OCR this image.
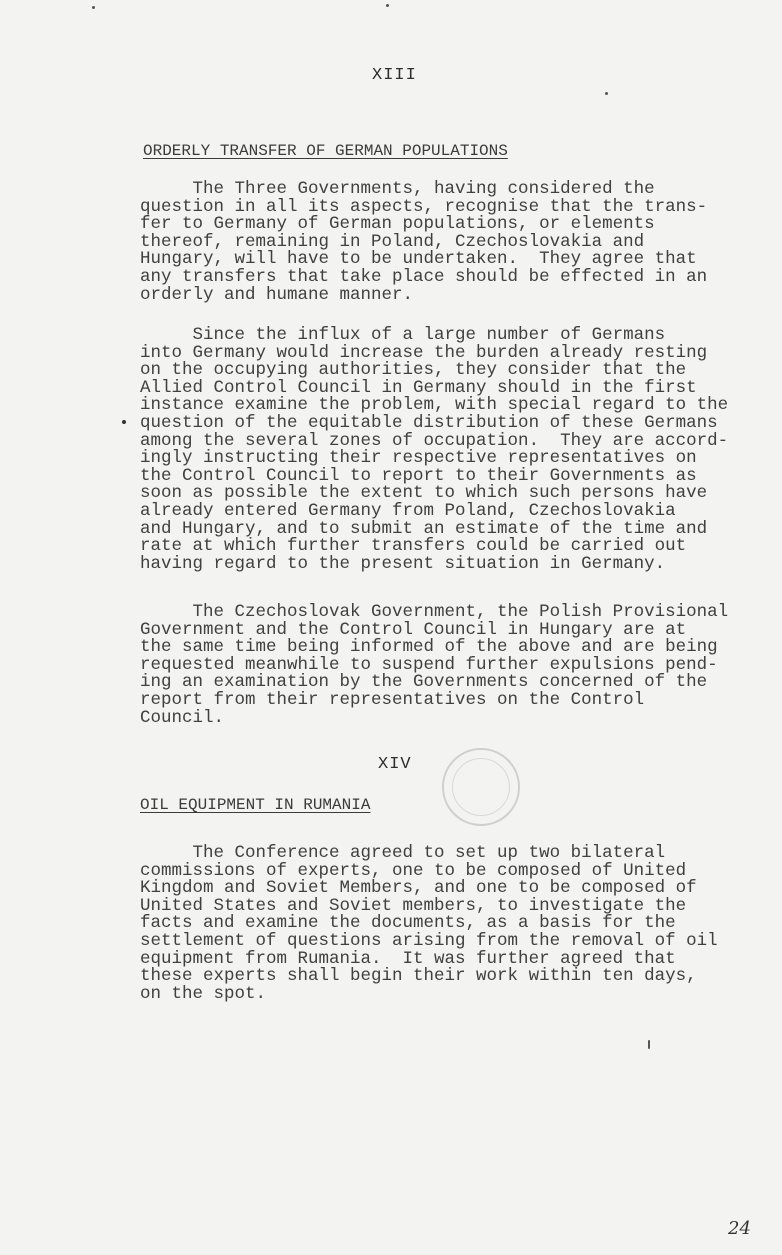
XIII
ORDERLY TRANSFER OF GERMAN POPULATIONS
The Three Governments, having considered the
question in all its aspects, recognise that the trans-
fer to Germany of German populations, or elements
thereof, remaining in Poland, Czechoslovakia and
Hungary, will have to be undertaken.  They agree that
any transfers that take place should be effected in an
orderly and humane manner.
Since the influx of a large number of Germans
into Germany would increase the burden already resting
on the occupying authorities, they consider that the
Allied Control Council in Germany should in the first
instance examine the problem, with special regard to the
question of the equitable distribution of these Germans
among the several zones of occupation.  They are accord-
ingly instructing their respective representatives on
the Control Council to report to their Governments as
soon as possible the extent to which such persons have
already entered Germany from Poland, Czechoslovakia
and Hungary, and to submit an estimate of the time and
rate at which further transfers could be carried out
having regard to the present situation in Germany.
The Czechoslovak Government, the Polish Provisional
Government and the Control Council in Hungary are at
the same time being informed of the above and are being
requested meanwhile to suspend further expulsions pend-
ing an examination by the Governments concerned of the
report from their representatives on the Control
Council.
XIV
OIL EQUIPMENT IN RUMANIA
The Conference agreed to set up two bilateral
commissions of experts, one to be composed of United
Kingdom and Soviet Members, and one to be composed of
United States and Soviet members, to investigate the
facts and examine the documents, as a basis for the
settlement of questions arising from the removal of oil
equipment from Rumania.  It was further agreed that
these experts shall begin their work within ten days,
on the spot.
24
